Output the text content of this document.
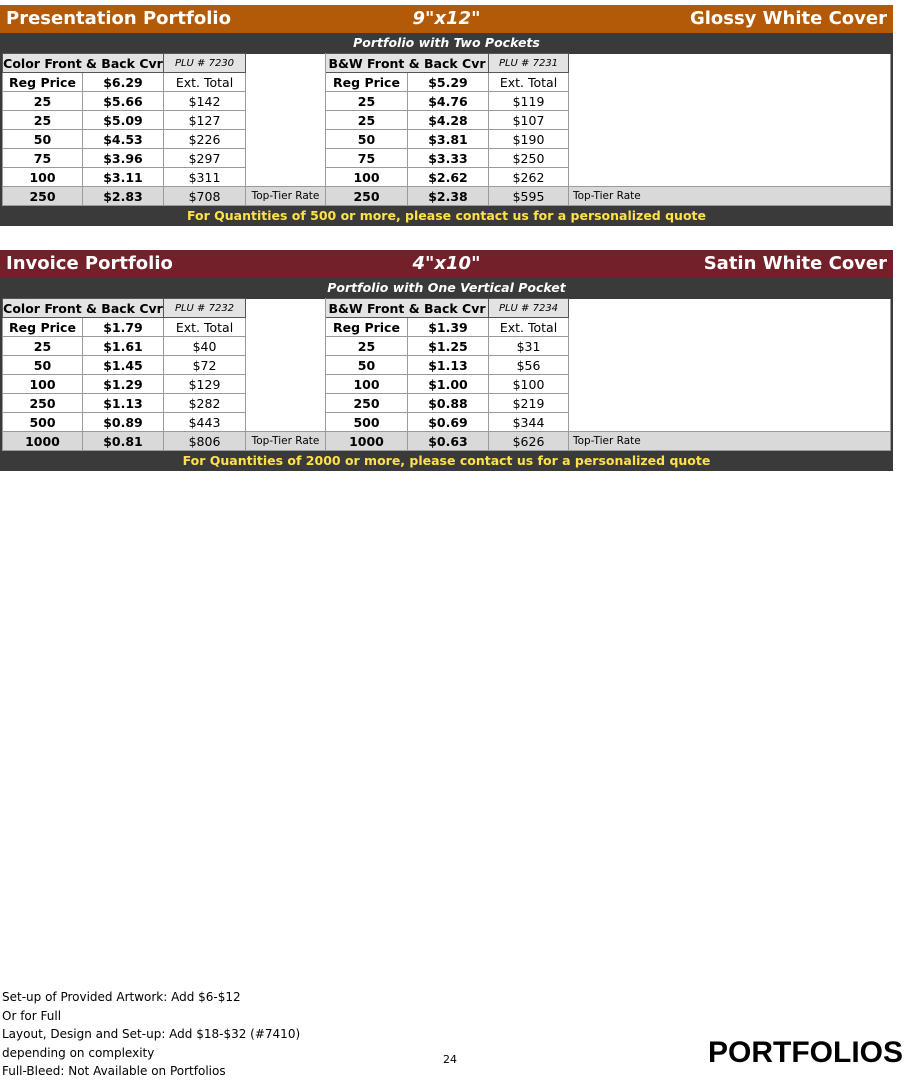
Presentation Portfolio	9"x12"	Glossy White Cover
Portfolio with Two Pockets
Color Front & Back Cvr		PLU # 7230		B&W Front & Back Cvr		PLU # 7231	
Reg Price	$6.29	Ext. Total		Reg Price	$5.29	Ext. Total	
25	$5.66	$142		25	$4.76	$119	
25	$5.09	$127		25	$4.28	$107	
50	$4.53	$226		50	$3.81	$190	
75	$3.96	$297		75	$3.33	$250	
100	$3.11	$311		100	$2.62	$262	
250	$2.83	$708	Top-Tier Rate	250	$2.38	$595	Top-Tier Rate
For Quantities of 500 or more, please contact us for a personalized quote
Invoice Portfolio	4"x10"	Satin White Cover
Portfolio with One Vertical Pocket
Color Front & Back Cvr		PLU # 7232		B&W Front & Back Cvr		PLU # 7234	
Reg Price	$1.79	Ext. Total		Reg Price	$1.39	Ext. Total	
25	$1.61	$40		25	$1.25	$31	
50	$1.45	$72		50	$1.13	$56	
100	$1.29	$129		100	$1.00	$100	
250	$1.13	$282		250	$0.88	$219	
500	$0.89	$443		500	$0.69	$344	
1000	$0.81	$806	Top-Tier Rate	1000	$0.63	$626	Top-Tier Rate
For Quantities of 2000 or more, please contact us for a personalized quote
Set-up of Provided Artwork: Add $6-$12
Or for Full
Layout, Design and Set-up: Add $18-$32 (#7410)
depending on complexity
Full-Bleed: Not Available on Portfolios
24	PORTFOLIOS
